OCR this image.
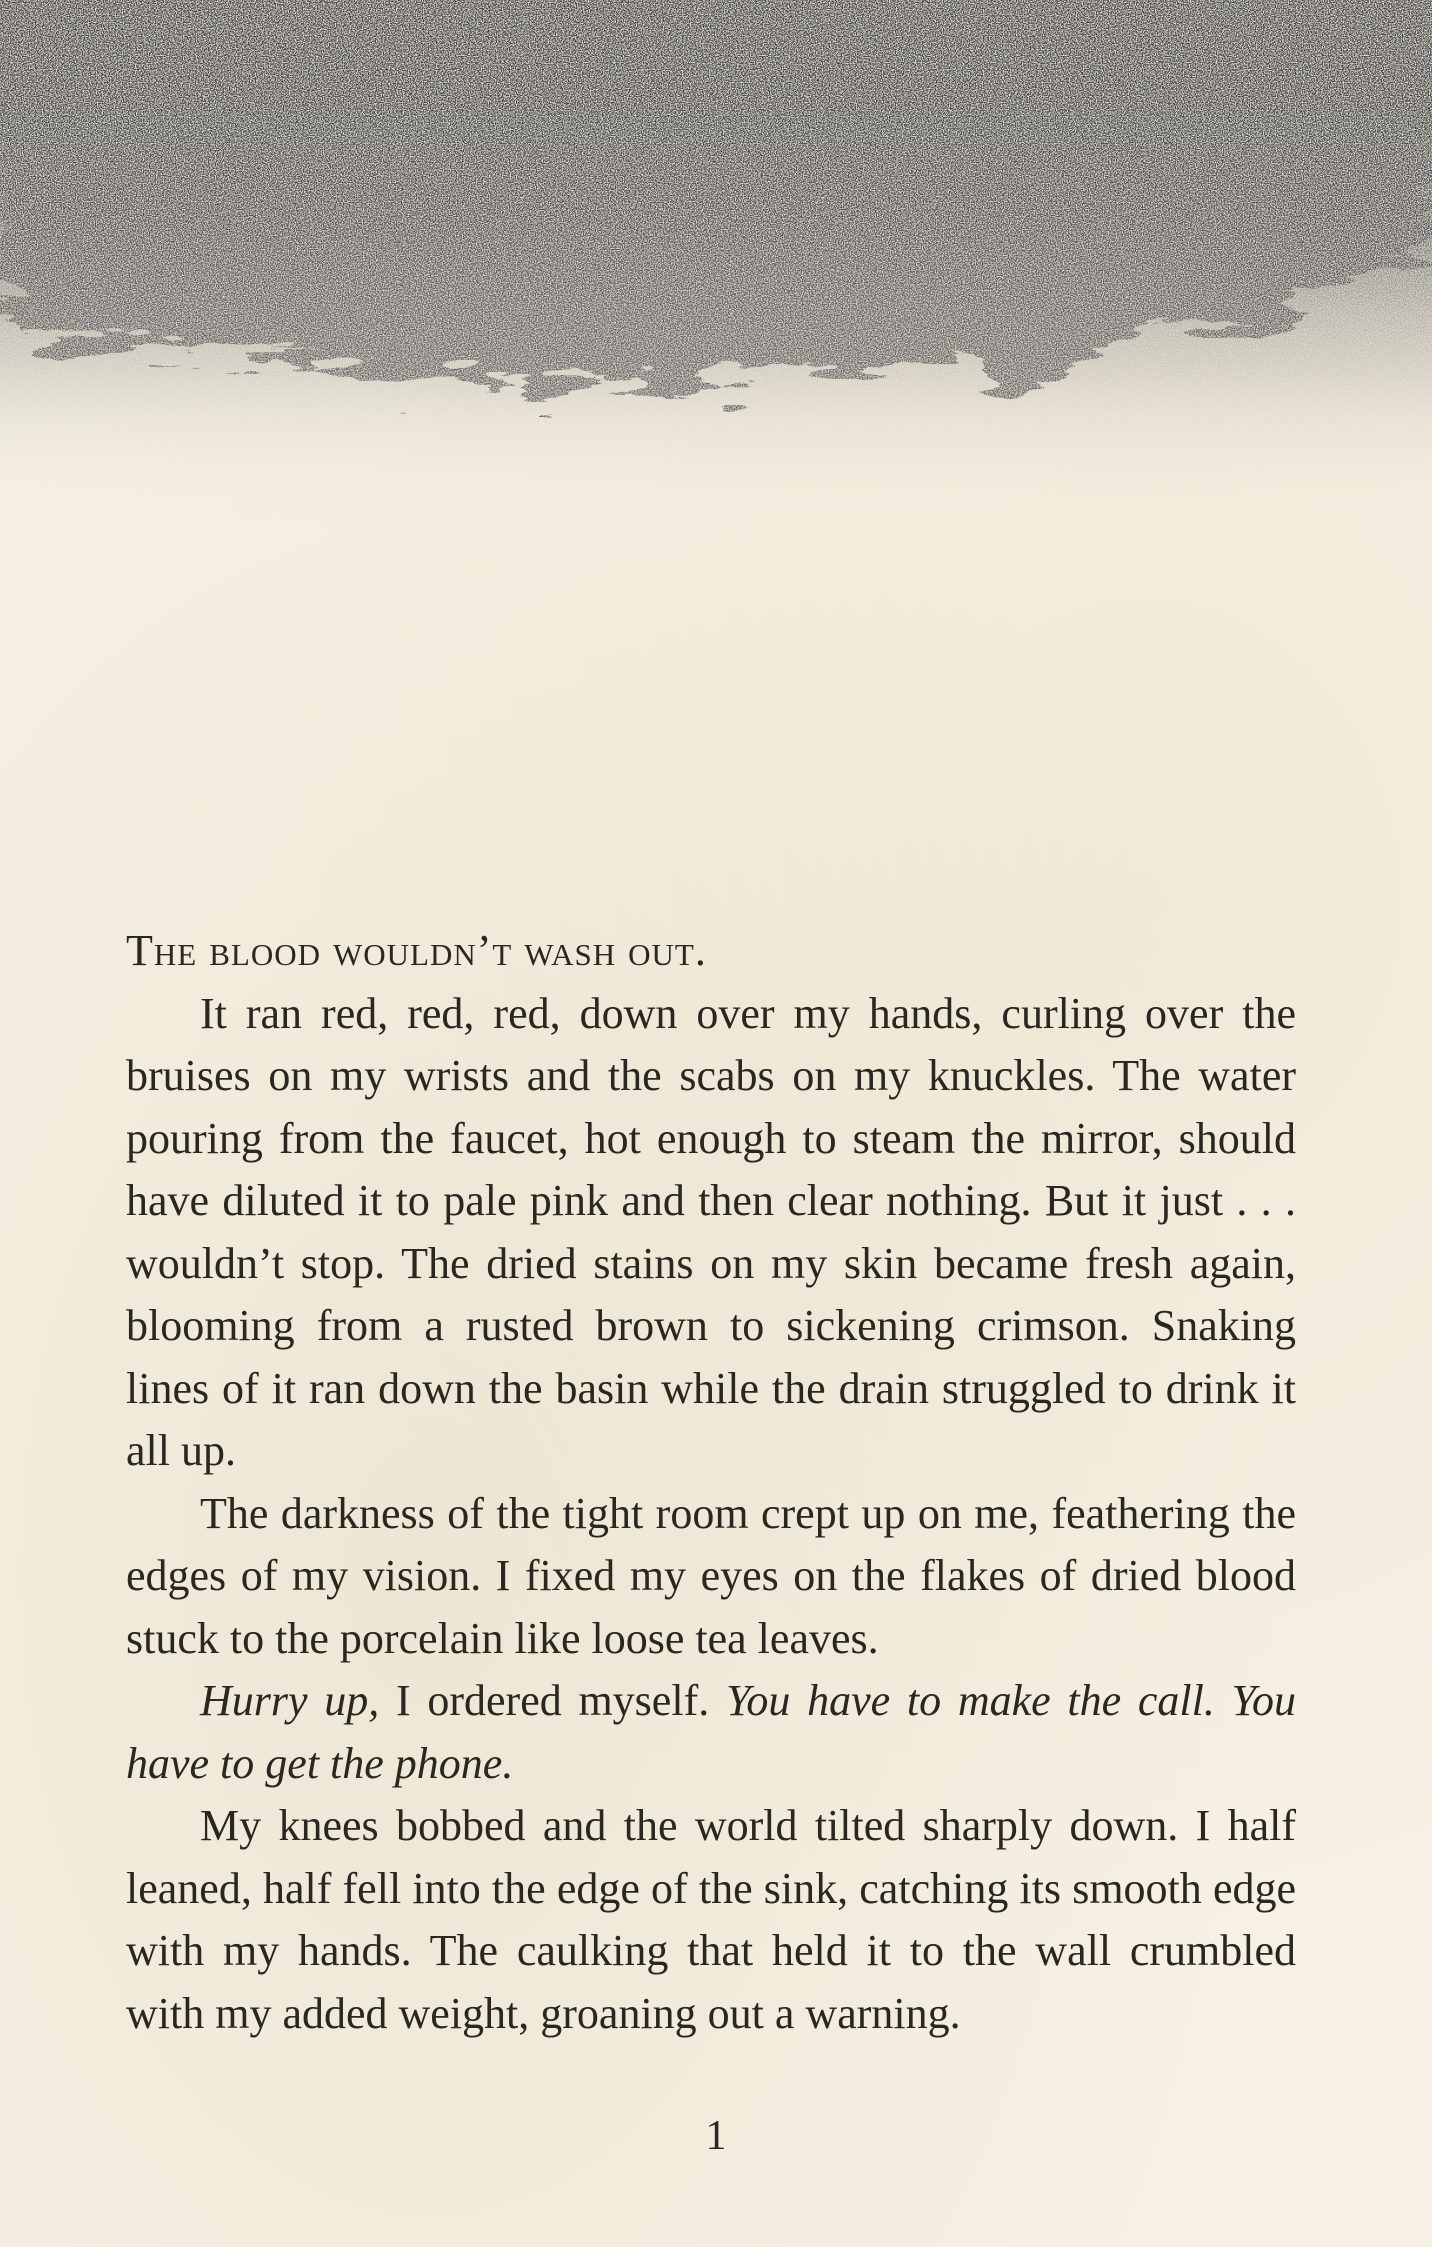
The blood wouldn’t wash out.

It ran red, red, red, down over my hands, curling over the bruises on my wrists and the scabs on my knuckles. The water pouring from the faucet, hot enough to steam the mirror, should have diluted it to pale pink and then clear nothing. But it just . . . wouldn’t stop. The dried stains on my skin became fresh again, blooming from a rusted brown to sickening crimson. Snaking lines of it ran down the basin while the drain struggled to drink it all up.

The darkness of the tight room crept up on me, feathering the edges of my vision. I fixed my eyes on the flakes of dried blood stuck to the porcelain like loose tea leaves.

Hurry up, I ordered myself. You have to make the call. You have to get the phone.

My knees bobbed and the world tilted sharply down. I half leaned, half fell into the edge of the sink, catching its smooth edge with my hands. The caulking that held it to the wall crumbled with my added weight, groaning out a warning.

1
